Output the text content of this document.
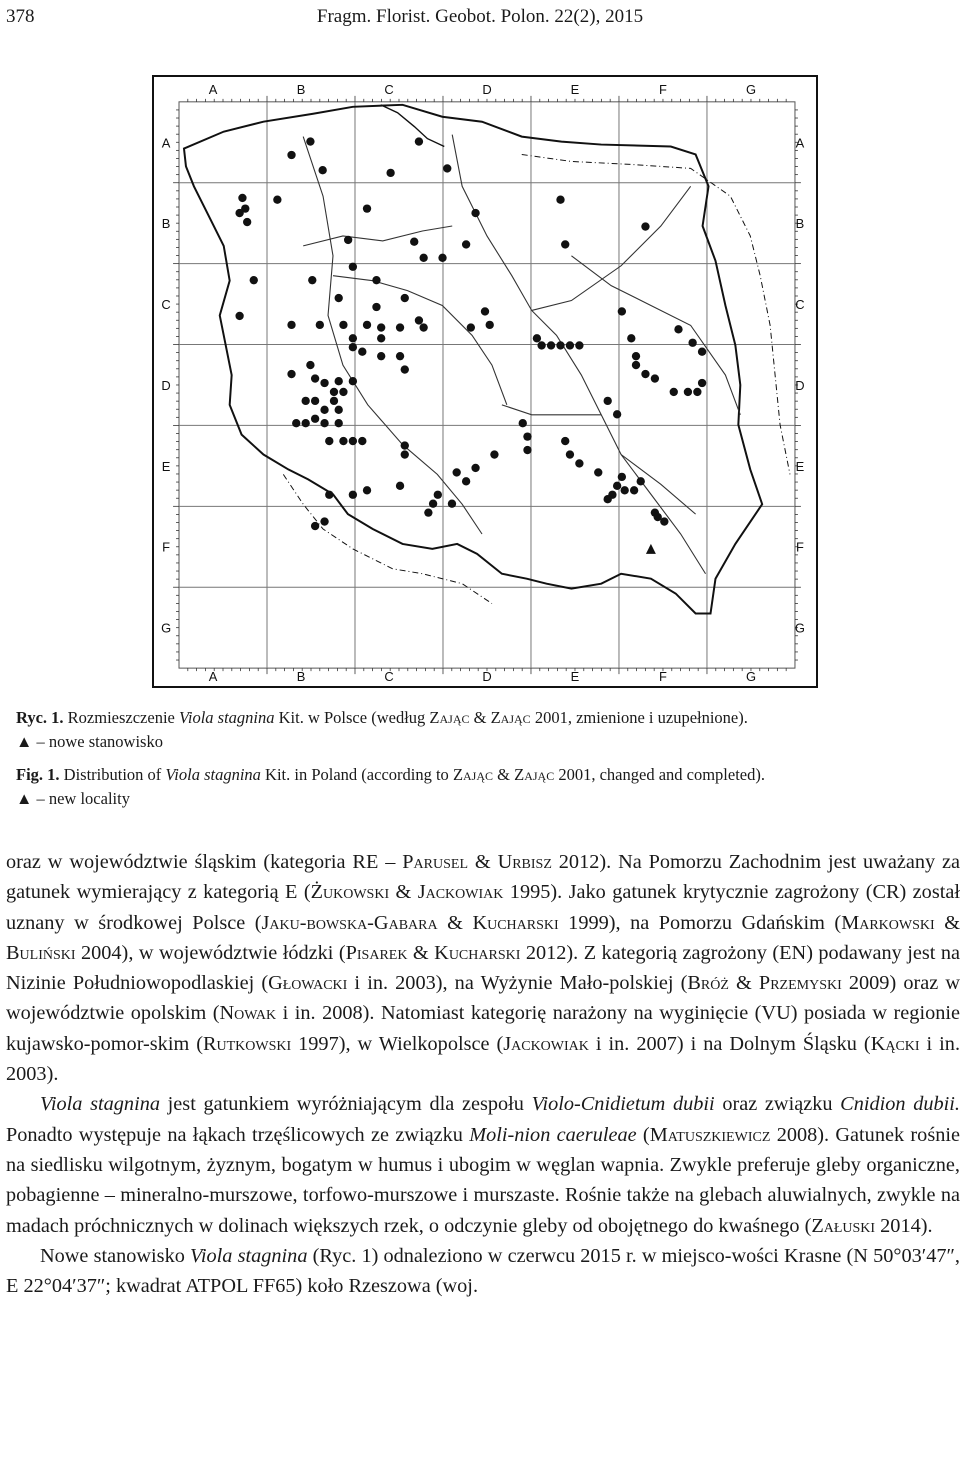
378	Fragm. Florist. Geobot. Polon. 22(2), 2015
A
A
B
B
C
C
D
D
E
E
F
F
G
G
A	A
B	B
C	C
D	D
E	E
F	F
G	G
Ryc. 1. Rozmieszczenie Viola stagnina Kit. w Polsce (według Zając & Zając 2001, zmienione i uzupełnione).
▲ – nowe stanowisko
Fig. 1. Distribution of Viola stagnina Kit. in Poland (according to Zając & Zając 2001, changed and completed).
▲ – new locality

oraz w województwie śląskim (kategoria RE – Parusel & Urbisz 2012). Na Pomorzu Zachodnim jest uważany za gatunek wymierający z kategorią E (Żukowski & Jackowiak 1995). Jako gatunek krytycznie zagrożony (CR) został uznany w środkowej Polsce (Jaku-bowska-Gabara & Kucharski 1999), na Pomorzu Gdańskim (Markowski & Buliński 2004), w województwie łódzki (Pisarek & Kucharski 2012). Z kategorią zagrożony (EN) podawany jest na Nizinie Południowopodlaskiej (Głowacki i in. 2003), na Wyżynie Mało-polskiej (Bróż & Przemyski 2009) oraz w województwie opolskim (Nowak i in. 2008). Natomiast kategorię narażony na wyginięcie (VU) posiada w regionie kujawsko-pomor-skim (Rutkowski 1997), w Wielkopolsce (Jackowiak i in. 2007) i na Dolnym Śląsku (Kącki i in. 2003).

Viola stagnina jest gatunkiem wyróżniającym dla zespołu Violo-Cnidietum dubii oraz związku Cnidion dubii. Ponadto występuje na łąkach trzęślicowych ze związku Moli-nion caeruleae (Matuszkiewicz 2008). Gatunek rośnie na siedlisku wilgotnym, żyznym, bogatym w humus i ubogim w węglan wapnia. Zwykle preferuje gleby organiczne, pobagienne – mineralno-murszowe, torfowo-murszowe i murszaste. Rośnie także na glebach aluwialnych, zwykle na madach próchnicznych w dolinach większych rzek, o odczynie gleby od obojętnego do kwaśnego (Załuski 2014).

Nowe stanowisko Viola stagnina (Ryc. 1) odnaleziono w czerwcu 2015 r. w miejsco-wości Krasne (N 50°03′47″, E 22°04′37″; kwadrat ATPOL FF65) koło Rzeszowa (woj.
